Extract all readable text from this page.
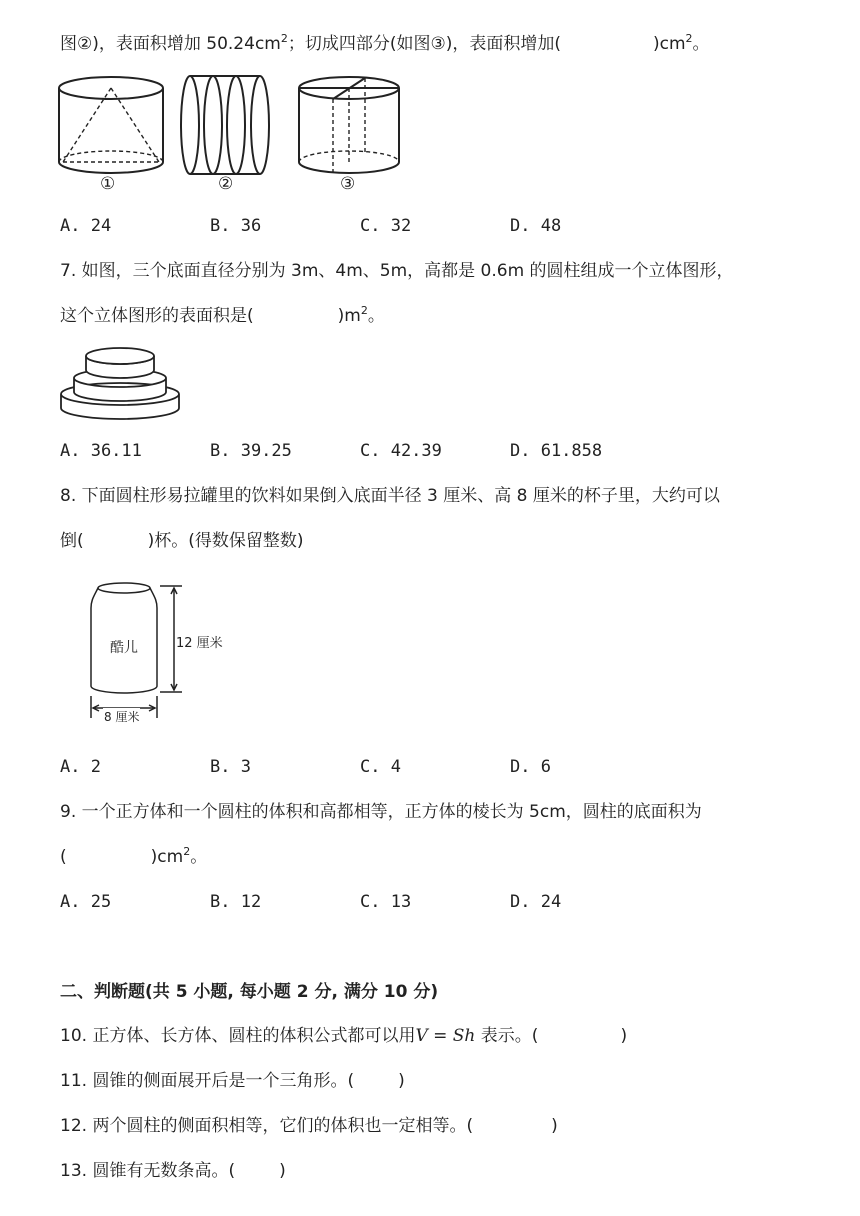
图②)，表面积增加 $50.24cm^2$；切成四部分(如图③)，表面积增加(	)$cm^2$。
①	②	③
A. 24	B. 36	C. 32	D. 48
7. 如图，三个底面直径分别为 3m、4m、5m，高都是 0.6m 的圆柱组成一个立体图形，
这个立体图形的表面积是(	)$m^2$。
A. 36.11	B. 39.25	C. 42.39	D. 61.858
8. 下面圆柱形易拉罐里的饮料如果倒入底面半径 3 厘米、高 8 厘米的杯子里，大约可以
倒(	)杯。(得数保留整数)
酷儿	12 厘米
8 厘米
A. 2	B. 3	C. 4	D. 6
9. 一个正方体和一个圆柱的体积和高都相等，正方体的棱长为 5cm，圆柱的底面积为
(	)$cm^2$。
A. 25	B. 12	C. 13	D. 24
二、判断题(共 5 小题, 每小题 2 分, 满分 10 分)
10. 正方体、长方体、圆柱的体积公式都可以用V = Sh 表示。(	)
11. 圆锥的侧面展开后是一个三角形。(	)
12. 两个圆柱的侧面积相等，它们的体积也一定相等。(	)
13. 圆锥有无数条高。(	)
